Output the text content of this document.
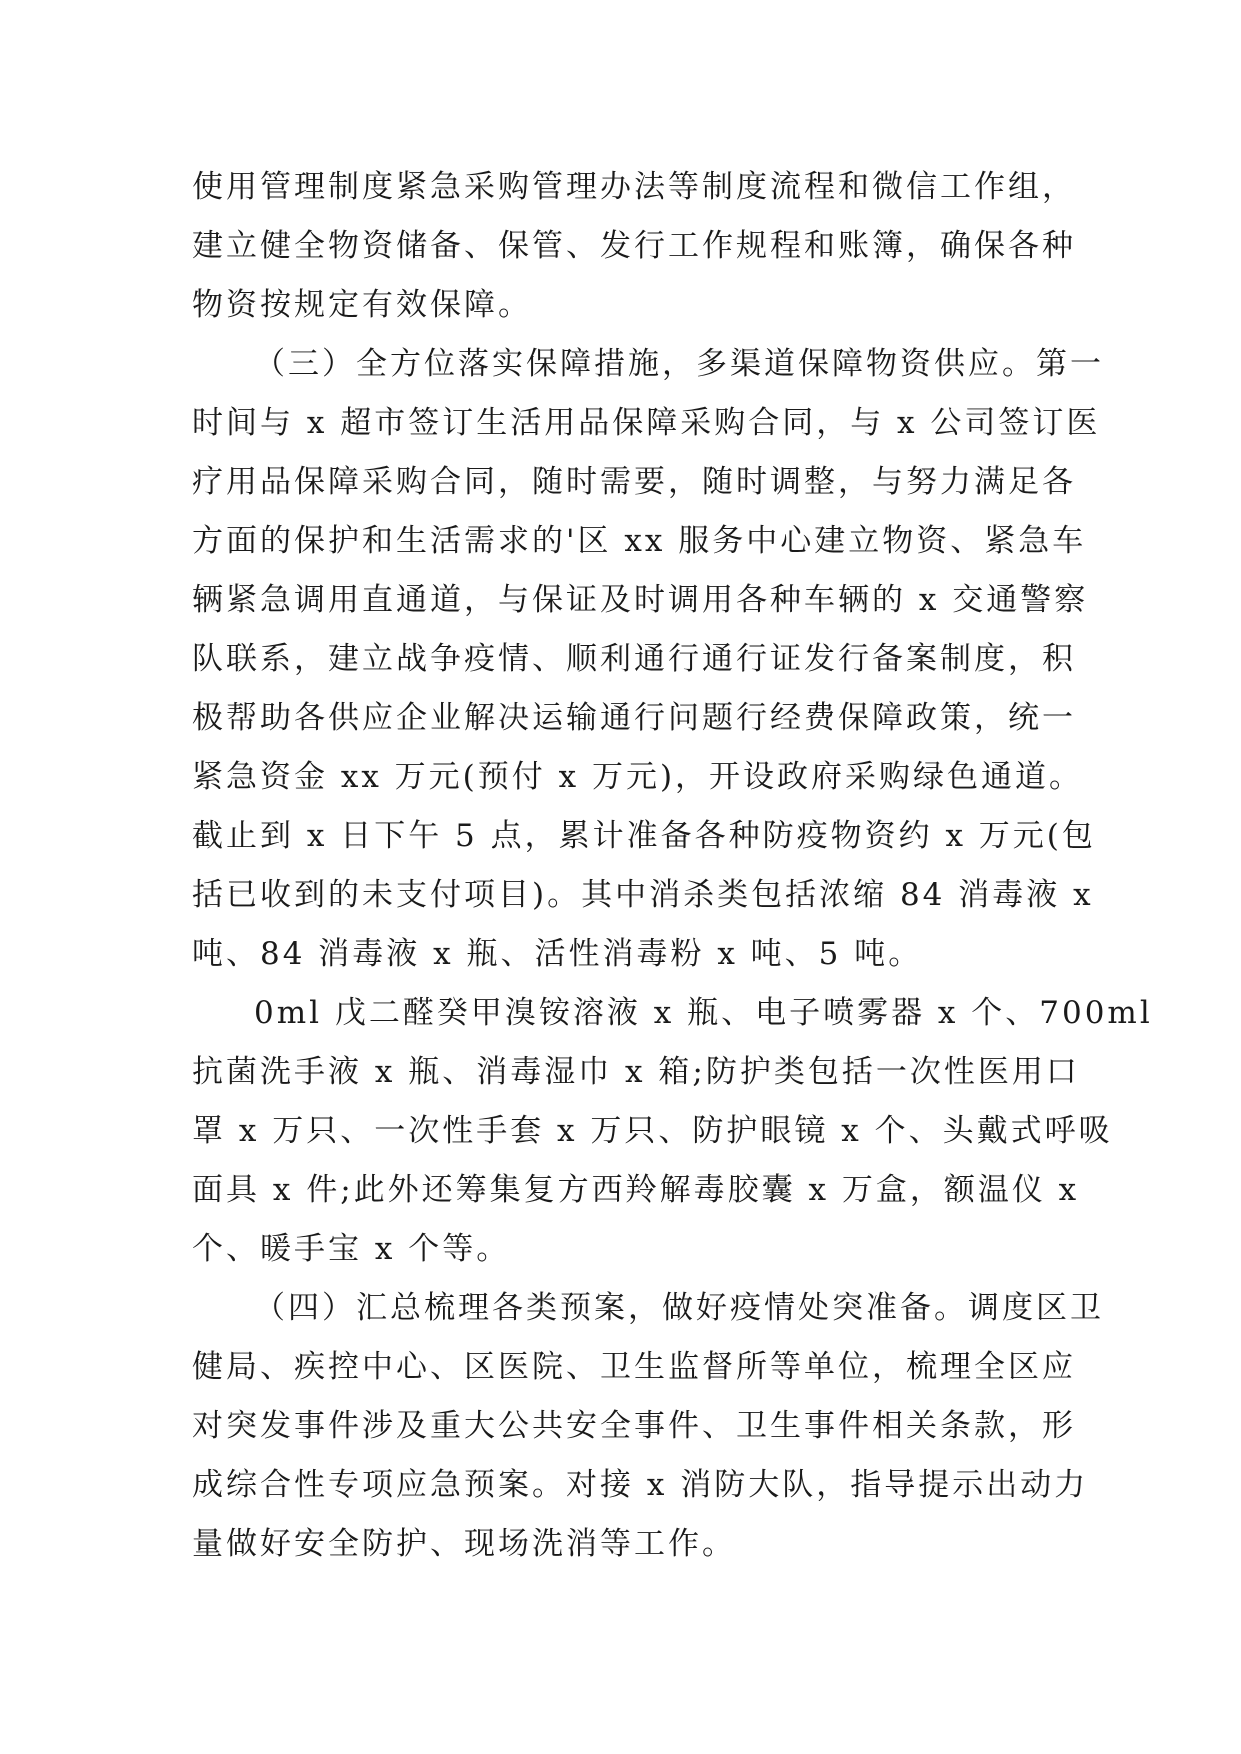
使用管理制度紧急采购管理办法等制度流程和微信工作组，
建立健全物资储备、保管、发行工作规程和账簿，确保各种
物资按规定有效保障。
（三）全方位落实保障措施，多渠道保障物资供应。第一
时间与 x 超市签订生活用品保障采购合同，与 x 公司签订医
疗用品保障采购合同，随时需要，随时调整，与努力满足各
方面的保护和生活需求的'区 xx 服务中心建立物资、紧急车
辆紧急调用直通道，与保证及时调用各种车辆的 x 交通警察
队联系，建立战争疫情、顺利通行通行证发行备案制度，积
极帮助各供应企业解决运输通行问题行经费保障政策，统一
紧急资金 xx 万元(预付 x 万元)，开设政府采购绿色通道。
截止到 x 日下午 5 点，累计准备各种防疫物资约 x 万元(包
括已收到的未支付项目)。其中消杀类包括浓缩 84 消毒液 x
吨、84 消毒液 x 瓶、活性消毒粉 x 吨、5 吨。
0ml 戊二醛癸甲溴铵溶液 x 瓶、电子喷雾器 x 个、700ml
抗菌洗手液 x 瓶、消毒湿巾 x 箱;防护类包括一次性医用口
罩 x 万只、一次性手套 x 万只、防护眼镜 x 个、头戴式呼吸
面具 x 件;此外还筹集复方西羚解毒胶囊 x 万盒，额温仪 x
个、暖手宝 x 个等。
（四）汇总梳理各类预案，做好疫情处突准备。调度区卫
健局、疾控中心、区医院、卫生监督所等单位，梳理全区应
对突发事件涉及重大公共安全事件、卫生事件相关条款，形
成综合性专项应急预案。对接 x 消防大队，指导提示出动力
量做好安全防护、现场洗消等工作。
